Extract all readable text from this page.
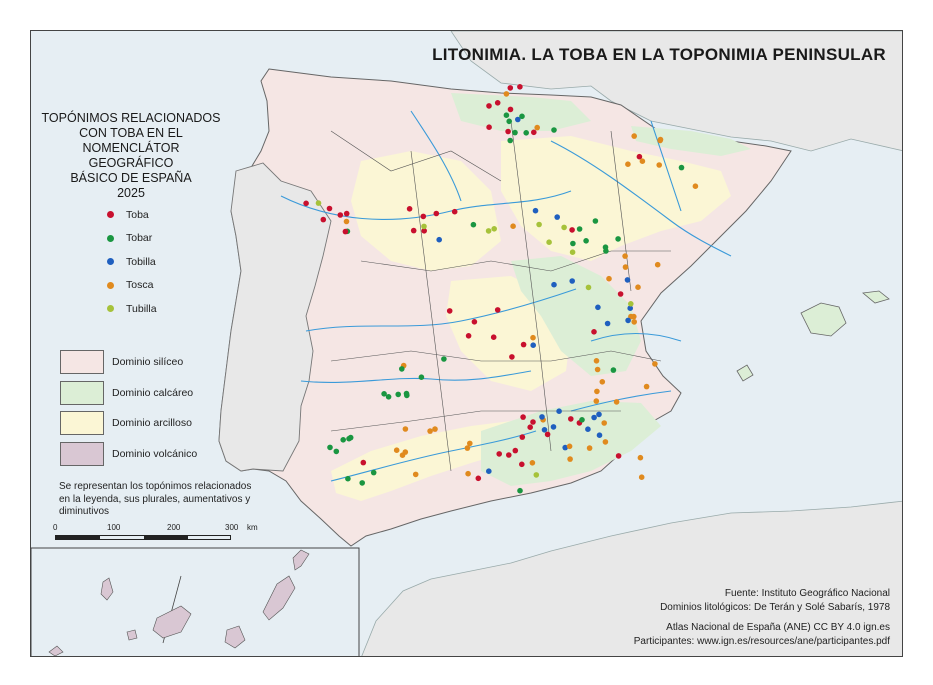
LITONIMIA. LA TOBA EN LA TOPONIMIA PENINSULAR
TOPÓNIMOS RELACIONADOS
CON TOBA EN EL
NOMENCLÁTOR GEOGRÁFICO
BÁSICO DE ESPAÑA
2025
Toba
Tobar
Tobilla
Tosca
Tubilla
Dominio silíceo
Dominio calcáreo
Dominio arcilloso
Dominio volcánico
Se representan los topónimos relacionados en la leyenda, sus plurales, aumentativos y diminutivos
0	100	200	300 km
Fuente: Instituto Geográfico Nacional
Dominios litológicos: De Terán y Solé Sabarís, 1978
Atlas Nacional de España (ANE) CC BY 4.0 ign.es
Participantes: www.ign.es/resources/ane/participantes.pdf
